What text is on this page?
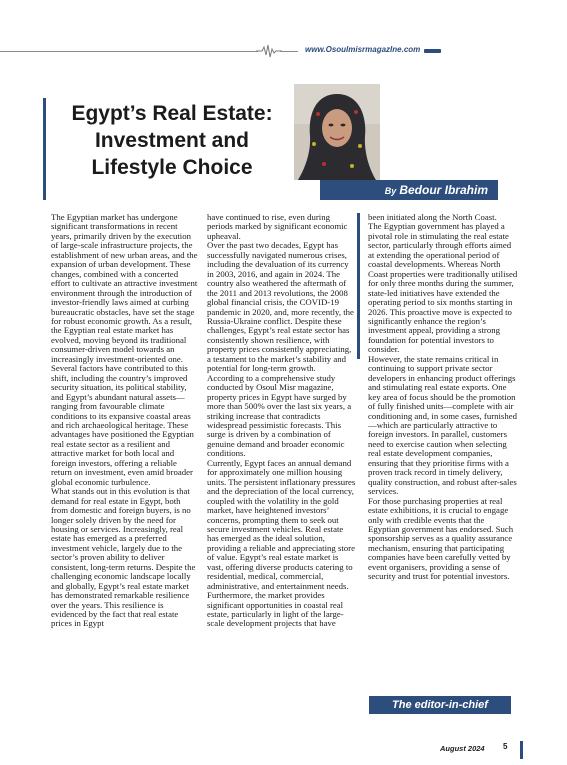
www.OsoulmisrmagazIne.com
Egypt’s Real Estate:
Investment and
Lifestyle Choice
By Bedour Ibrahim

The Egyptian market has undergone significant transformations in recent years, primarily driven by the execution of large-scale infrastructure projects, the establishment of new urban areas, and the expansion of urban development. These changes, combined with a concerted effort to cultivate an attractive investment environment through the introduction of investor-friendly laws aimed at curbing bureaucratic obstacles, have set the stage for robust economic growth. As a result, the Egyptian real estate market has evolved, moving beyond its traditional consumer-driven model towards an increasingly investment-oriented one.

Several factors have contributed to this shift, including the country’s improved security situation, its political stability, and Egypt’s abundant natural assets—ranging from favourable climate conditions to its expansive coastal areas and rich archaeological heritage. These advantages have positioned the Egyptian real estate sector as a resilient and attractive market for both local and foreign investors, offering a reliable return on investment, even amid broader global economic turbulence.

What stands out in this evolution is that demand for real estate in Egypt, both from domestic and foreign buyers, is no longer solely driven by the need for housing or services. Increasingly, real estate has emerged as a preferred investment vehicle, largely due to the sector’s proven ability to deliver consistent, long-term returns. Despite the challenging economic landscape locally and globally, Egypt’s real estate market has demonstrated remarkable resilience over the years. This resilience is evidenced by the fact that real estate prices in Egypt

have continued to rise, even during periods marked by significant economic upheaval.

Over the past two decades, Egypt has successfully navigated numerous crises, including the devaluation of its currency in 2003, 2016, and again in 2024. The country also weathered the aftermath of the 2011 and 2013 revolutions, the 2008 global financial crisis, the COVID-19 pandemic in 2020, and, more recently, the Russia-Ukraine conflict. Despite these challenges, Egypt’s real estate sector has consistently shown resilience, with property prices consistently appreciating, a testament to the market’s stability and potential for long-term growth.

According to a comprehensive study conducted by Osoul Misr magazine, property prices in Egypt have surged by more than 500% over the last six years, a striking increase that contradicts widespread pessimistic forecasts. This surge is driven by a combination of genuine demand and broader economic conditions.

Currently, Egypt faces an annual demand for approximately one million housing units. The persistent inflationary pressures and the depreciation of the local currency, coupled with the volatility in the gold market, have heightened investors’ concerns, prompting them to seek out secure investment vehicles. Real estate has emerged as the ideal solution, providing a reliable and appreciating store of value. Egypt’s real estate market is vast, offering diverse products catering to residential, medical, commercial, administrative, and entertainment needs. Furthermore, the market provides significant opportunities in coastal real estate, particularly in light of the large-scale development projects that have

been initiated along the North Coast.

The Egyptian government has played a pivotal role in stimulating the real estate sector, particularly through efforts aimed at extending the operational period of coastal developments. Whereas North Coast properties were traditionally utilised for only three months during the summer, state-led initiatives have extended the operating period to six months starting in 2026. This proactive move is expected to significantly enhance the region’s investment appeal, providing a strong foundation for potential investors to consider.

However, the state remains critical in continuing to support private sector developers in enhancing product offerings and stimulating real estate exports. One key area of focus should be the promotion of fully finished units—complete with air conditioning and, in some cases, furnished—which are particularly attractive to foreign investors. In parallel, customers need to exercise caution when selecting real estate development companies, ensuring that they prioritise firms with a proven track record in timely delivery, quality construction, and robust after-sales services.

For those purchasing properties at real estate exhibitions, it is crucial to engage only with credible events that the Egyptian government has endorsed. Such sponsorship serves as a quality assurance mechanism, ensuring that participating companies have been carefully vetted by event organisers, providing a sense of security and trust for potential investors.

The editor-in-chief
August 2024 5
